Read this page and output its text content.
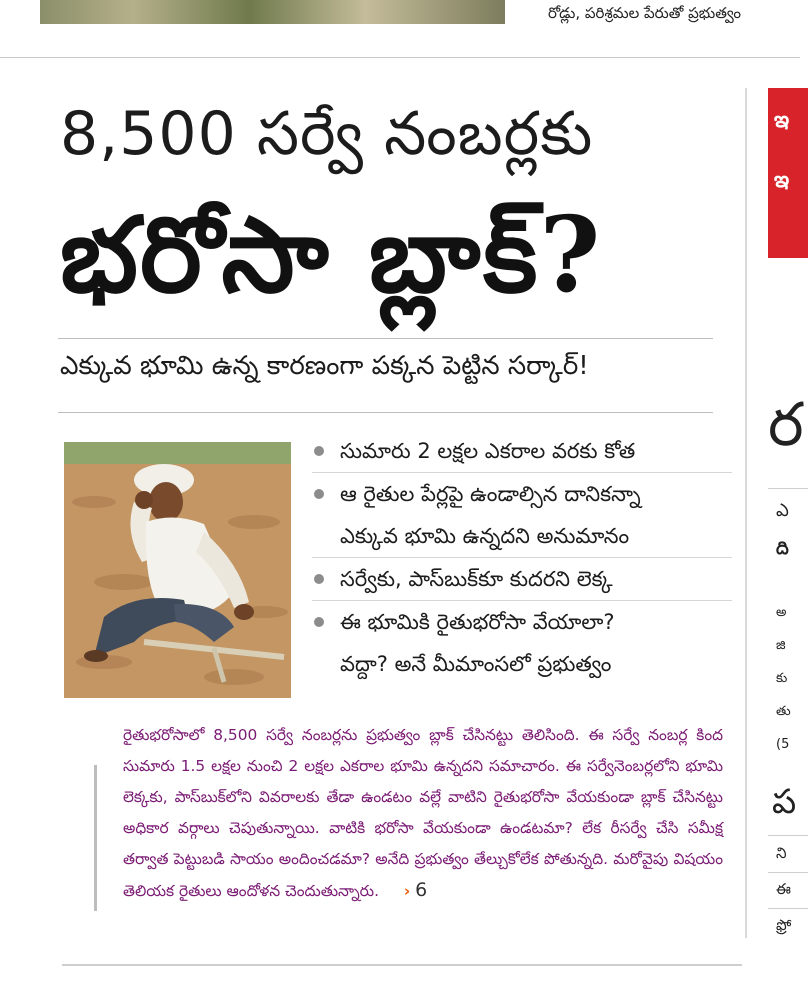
రోడ్లు, పరిశ్రమల పేరుతో ప్రభుత్వం
8,500 సర్వే నంబర్లకు
భరోసా బ్లాక్?
ఎక్కువ భూమి ఉన్న కారణంగా పక్కన పెట్టిన సర్కార్!
సుమారు 2 లక్షల ఎకరాల వరకు కోత
ఆ రైతుల పేర్లపై ఉండాల్సిన దానికన్నా
ఎక్కువ భూమి ఉన్నదని అనుమానం
సర్వేకు, పాస్‌బుక్‌కూ కుదరని లెక్క
ఈ భూమికి రైతుభరోసా వేయాలా?
వద్దా? అనే మీమాంసలో ప్రభుత్వం
రైతుభరోసాలో 8,500 సర్వే నంబర్లను ప్రభుత్వం బ్లాక్ చేసినట్టు తెలిసింది. ఈ సర్వే నంబర్ల కింద సుమారు 1.5 లక్షల నుంచి 2 లక్షల ఎకరాల భూమి ఉన్నదని సమాచారం. ఈ సర్వేనెంబర్లలోని భూమి లెక్కకు, పాస్‌బుక్‌లోని వివరాలకు తేడా ఉండటం వల్లే వాటిని రైతుభరోసా వేయకుండా బ్లాక్ చేసినట్టు అధికార వర్గాలు చెపుతున్నాయి. వాటికి భరోసా వేయకుండా ఉండటమా? లేక రీసర్వే చేసి సమీక్ష తర్వాత పెట్టుబడి సాయం అందించడమా? అనేది ప్రభుత్వం తేల్చుకోలేక పోతున్నది. మరోవైపు విషయం తెలియక రైతులు ఆందోళన చెందుతున్నారు. › 6
ఇ
ఇ
ర
ఎ
ది
అ
జి
కు
తు
(5
ప
ని
ఈ
ఫ్రో
